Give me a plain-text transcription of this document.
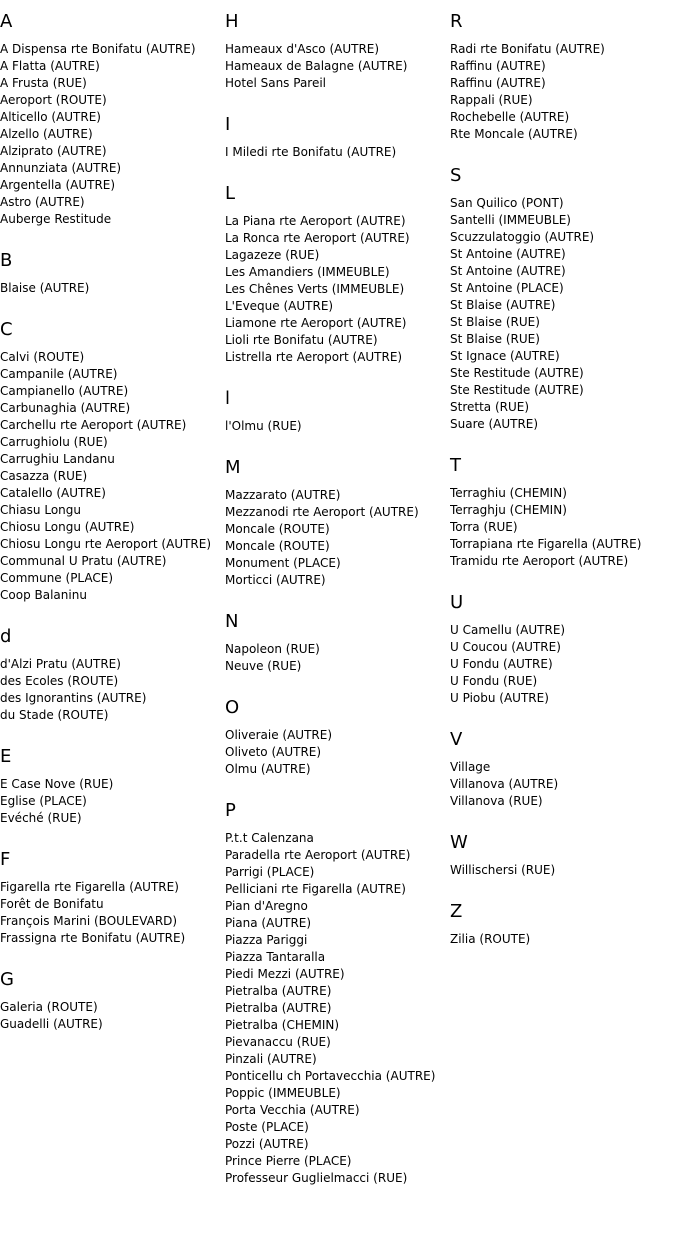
A
A Dispensa rte Bonifatu (AUTRE)
A Flatta (AUTRE)
A Frusta (RUE)
Aeroport (ROUTE)
Alticello (AUTRE)
Alzello (AUTRE)
Alziprato (AUTRE)
Annunziata (AUTRE)
Argentella (AUTRE)
Astro (AUTRE)
Auberge Restitude
B
Blaise (AUTRE)
C
Calvi (ROUTE)
Campanile (AUTRE)
Campianello (AUTRE)
Carbunaghia (AUTRE)
Carchellu rte Aeroport (AUTRE)
Carrughiolu (RUE)
Carrughiu Landanu
Casazza (RUE)
Catalello (AUTRE)
Chiasu Longu
Chiosu Longu (AUTRE)
Chiosu Longu rte Aeroport (AUTRE)
Communal U Pratu (AUTRE)
Commune (PLACE)
Coop Balaninu
d
d'Alzi Pratu (AUTRE)
des Ecoles (ROUTE)
des Ignorantins (AUTRE)
du Stade (ROUTE)
E
E Case Nove (RUE)
Eglise (PLACE)
Evéché (RUE)
F
Figarella rte Figarella (AUTRE)
Forêt de Bonifatu
François Marini (BOULEVARD)
Frassigna rte Bonifatu (AUTRE)
G
Galeria (ROUTE)
Guadelli (AUTRE)
H
Hameaux d'Asco (AUTRE)
Hameaux de Balagne (AUTRE)
Hotel Sans Pareil
I
I Miledi rte Bonifatu (AUTRE)
L
La Piana rte Aeroport (AUTRE)
La Ronca rte Aeroport (AUTRE)
Lagazeze (RUE)
Les Amandiers (IMMEUBLE)
Les Chênes Verts (IMMEUBLE)
L'Eveque (AUTRE)
Liamone rte Aeroport (AUTRE)
Lioli rte Bonifatu (AUTRE)
Listrella rte Aeroport (AUTRE)
l
l'Olmu (RUE)
M
Mazzarato (AUTRE)
Mezzanodi rte Aeroport (AUTRE)
Moncale (ROUTE)
Moncale (ROUTE)
Monument (PLACE)
Morticci (AUTRE)
N
Napoleon (RUE)
Neuve (RUE)
O
Oliveraie (AUTRE)
Oliveto (AUTRE)
Olmu (AUTRE)
P
P.t.t Calenzana
Paradella rte Aeroport (AUTRE)
Parrigi (PLACE)
Pelliciani rte Figarella (AUTRE)
Pian d'Aregno
Piana (AUTRE)
Piazza Pariggi
Piazza Tantaralla
Piedi Mezzi (AUTRE)
Pietralba (AUTRE)
Pietralba (AUTRE)
Pietralba (CHEMIN)
Pievanaccu (RUE)
Pinzali (AUTRE)
Ponticellu ch Portavecchia (AUTRE)
Poppic (IMMEUBLE)
Porta Vecchia (AUTRE)
Poste (PLACE)
Pozzi (AUTRE)
Prince Pierre (PLACE)
Professeur Guglielmacci (RUE)
R
Radi rte Bonifatu (AUTRE)
Raffinu (AUTRE)
Raffinu (AUTRE)
Rappali (RUE)
Rochebelle (AUTRE)
Rte Moncale (AUTRE)
S
San Quilico (PONT)
Santelli (IMMEUBLE)
Scuzzulatoggio (AUTRE)
St Antoine (AUTRE)
St Antoine (AUTRE)
St Antoine (PLACE)
St Blaise (AUTRE)
St Blaise (RUE)
St Blaise (RUE)
St Ignace (AUTRE)
Ste Restitude (AUTRE)
Ste Restitude (AUTRE)
Stretta (RUE)
Suare (AUTRE)
T
Terraghiu (CHEMIN)
Terraghju (CHEMIN)
Torra (RUE)
Torrapiana rte Figarella (AUTRE)
Tramidu rte Aeroport (AUTRE)
U
U Camellu (AUTRE)
U Coucou (AUTRE)
U Fondu (AUTRE)
U Fondu (RUE)
U Piobu (AUTRE)
V
Village
Villanova (AUTRE)
Villanova (RUE)
W
Willischersi (RUE)
Z
Zilia (ROUTE)
